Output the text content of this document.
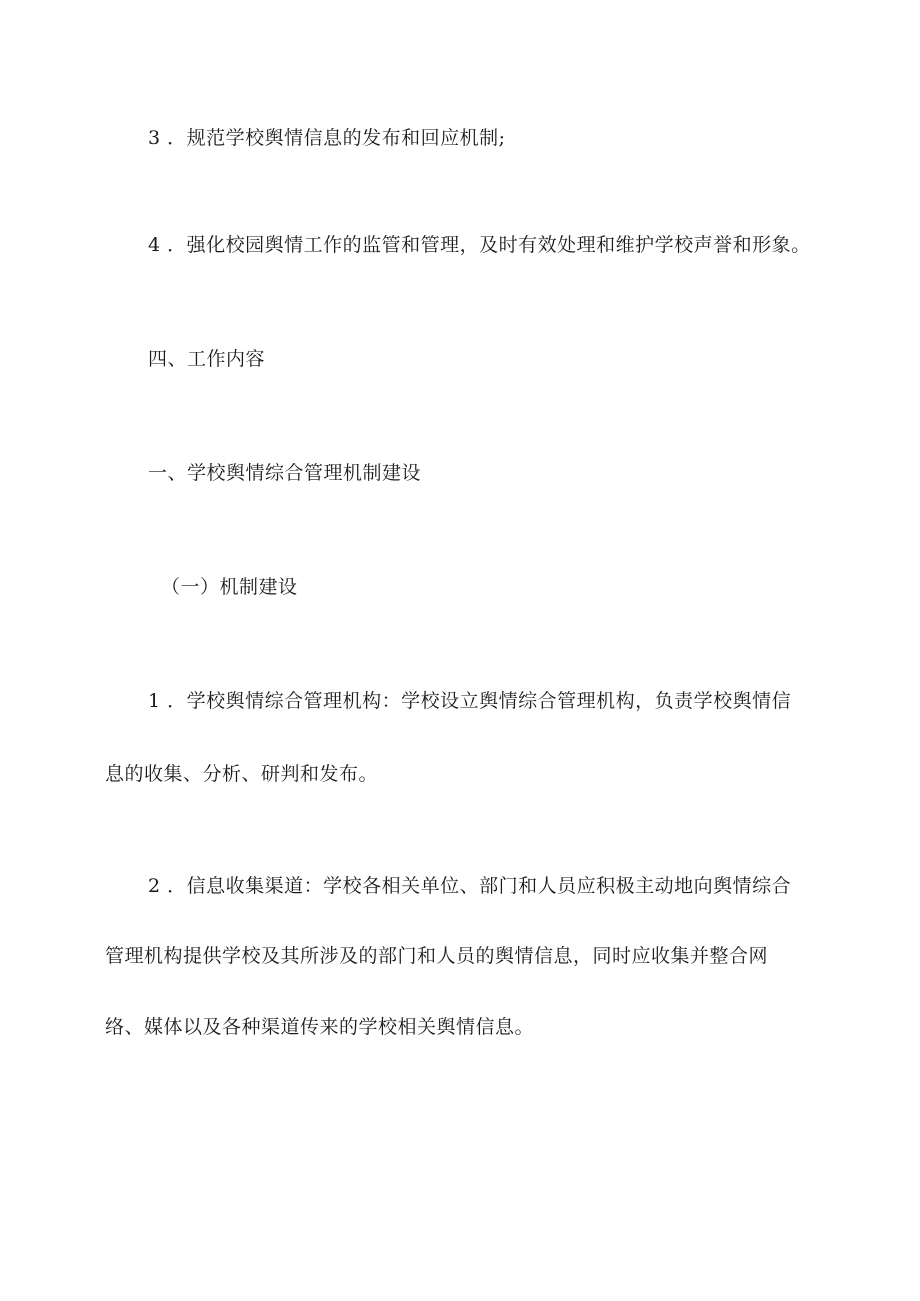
3 ．规范学校舆情信息的发布和回应机制;

4 ．强化校园舆情工作的监管和管理，及时有效处理和维护学校声誉和形象。

四、工作内容

一、学校舆情综合管理机制建设

（一）机制建设

1 ．学校舆情综合管理机构：学校设立舆情综合管理机构，负责学校舆情信

息的收集、分析、研判和发布。

2 ．信息收集渠道：学校各相关单位、部门和人员应积极主动地向舆情综合

管理机构提供学校及其所涉及的部门和人员的舆情信息，同时应收集并整合网

络、媒体以及各种渠道传来的学校相关舆情信息。
